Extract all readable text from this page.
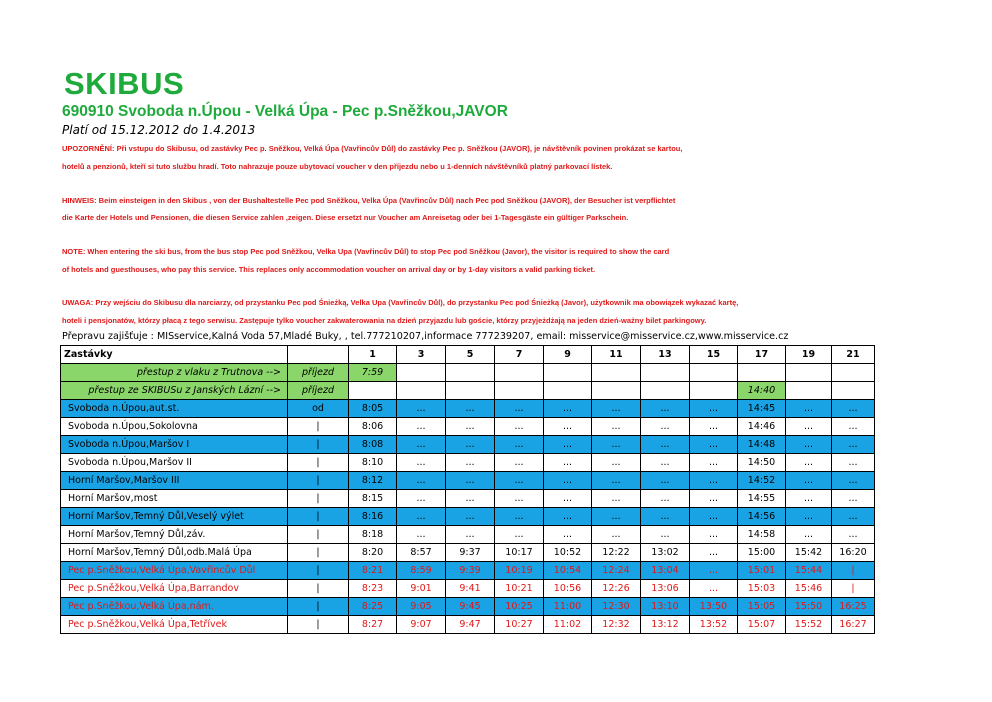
SKIBUS
690910 Svoboda n.Úpou - Velká Úpa - Pec p.Sněžkou,JAVOR
Platí od 15.12.2012 do 1.4.2013
UPOZORNĚNÍ: Při vstupu do Skibusu, od zastávky Pec p. Sněžkou, Velká Úpa (Vavřincův Důl) do zastávky Pec p. Sněžkou (JAVOR), je návštěvník povinen prokázat se kartou,
hotelů a penzionů, kteří si tuto službu hradí. Toto nahrazuje pouze ubytovací voucher v den příjezdu nebo u 1-denních návštěvníků platný parkovací lístek.
HINWEIS: Beim einsteigen in den Skibus , von der Bushaltestelle Pec pod Sněžkou, Velka Úpa (Vavřincův Důl) nach Pec pod Sněžkou (JAVOR), der Besucher ist verpflichtet
die Karte der Hotels und Pensionen, die diesen Service zahlen ,zeigen. Diese ersetzt nur Voucher am Anreisetag oder bei 1-Tagesgäste ein gültiger Parkschein.
NOTE: When entering the ski bus, from the bus stop Pec pod Sněžkou, Velka Upa (Vavřincův Důl) to stop Pec pod Sněžkou (Javor), the visitor is required to show the card
of hotels and guesthouses, who pay this service. This replaces only accommodation voucher on arrival day or by 1-day visitors a valid parking ticket.
UWAGA: Przy wejściu do Skibusu dla narciarzy, od przystanku Pec pod Śnieżką, Velka Upa (Vavřincův Důl), do przystanku Pec pod Śnieżką (Javor), użytkownik ma obowiązek wykazać kartę,
hoteli i pensjonatów, którzy płacą z tego serwisu. Zastępuje tylko voucher zakwaterowania na dzień przyjazdu lub goście, którzy przyjeżdżają na jeden dzień-ważny bilet parkingowy.
Přepravu zajišťuje : MISservice,Kalná Voda 57,Mladé Buky, , tel.777210207,informace 777239207, email: misservice@misservice.cz,www.misservice.cz
Zastávky		1	3	5	7	9	11	13	15	17	19	21
přestup z vlaku z Trutnova -->	příjezd	7:59										
přestup ze SKIBUSu z Janských Lázní -->	příjezd									14:40		
Svoboda n.Úpou,aut.st.	od	8:05	...	...	...	...	...	...	...	14:45	...	...
Svoboda n.Úpou,Sokolovna	|	8:06	...	...	...	...	...	...	...	14:46	...	...
Svoboda n.Úpou,Maršov I	|	8:08	...	...	...	...	...	...	...	14:48	...	...
Svoboda n.Úpou,Maršov II	|	8:10	...	...	...	...	...	...	...	14:50	...	...
Horní Maršov,Maršov III	|	8:12	...	...	...	...	...	...	...	14:52	...	...
Horní Maršov,most	|	8:15	...	...	...	...	...	...	...	14:55	...	...
Horní Maršov,Temný Důl,Veselý výlet	|	8:16	...	...	...	...	...	...	...	14:56	...	...
Horní Maršov,Temný Důl,záv.	|	8:18	...	...	...	...	...	...	...	14:58	...	...
Horní Maršov,Temný Důl,odb.Malá Úpa	|	8:20	8:57	9:37	10:17	10:52	12:22	13:02	...	15:00	15:42	16:20
Pec p.Sněžkou,Velká Úpa,Vavřincův Důl	|	8:21	8:59	9:39	10:19	10:54	12:24	13:04	...	15:01	15:44	|
Pec p.Sněžkou,Velká Úpa,Barrandov	|	8:23	9:01	9:41	10:21	10:56	12:26	13:06	...	15:03	15:46	|
Pec p.Sněžkou,Velká Úpa,nám.	|	8:25	9:05	9:45	10:25	11:00	12:30	13:10	13:50	15:05	15:50	16:25
Pec p.Sněžkou,Velká Úpa,Tetřívek	|	8:27	9:07	9:47	10:27	11:02	12:32	13:12	13:52	15:07	15:52	16:27
